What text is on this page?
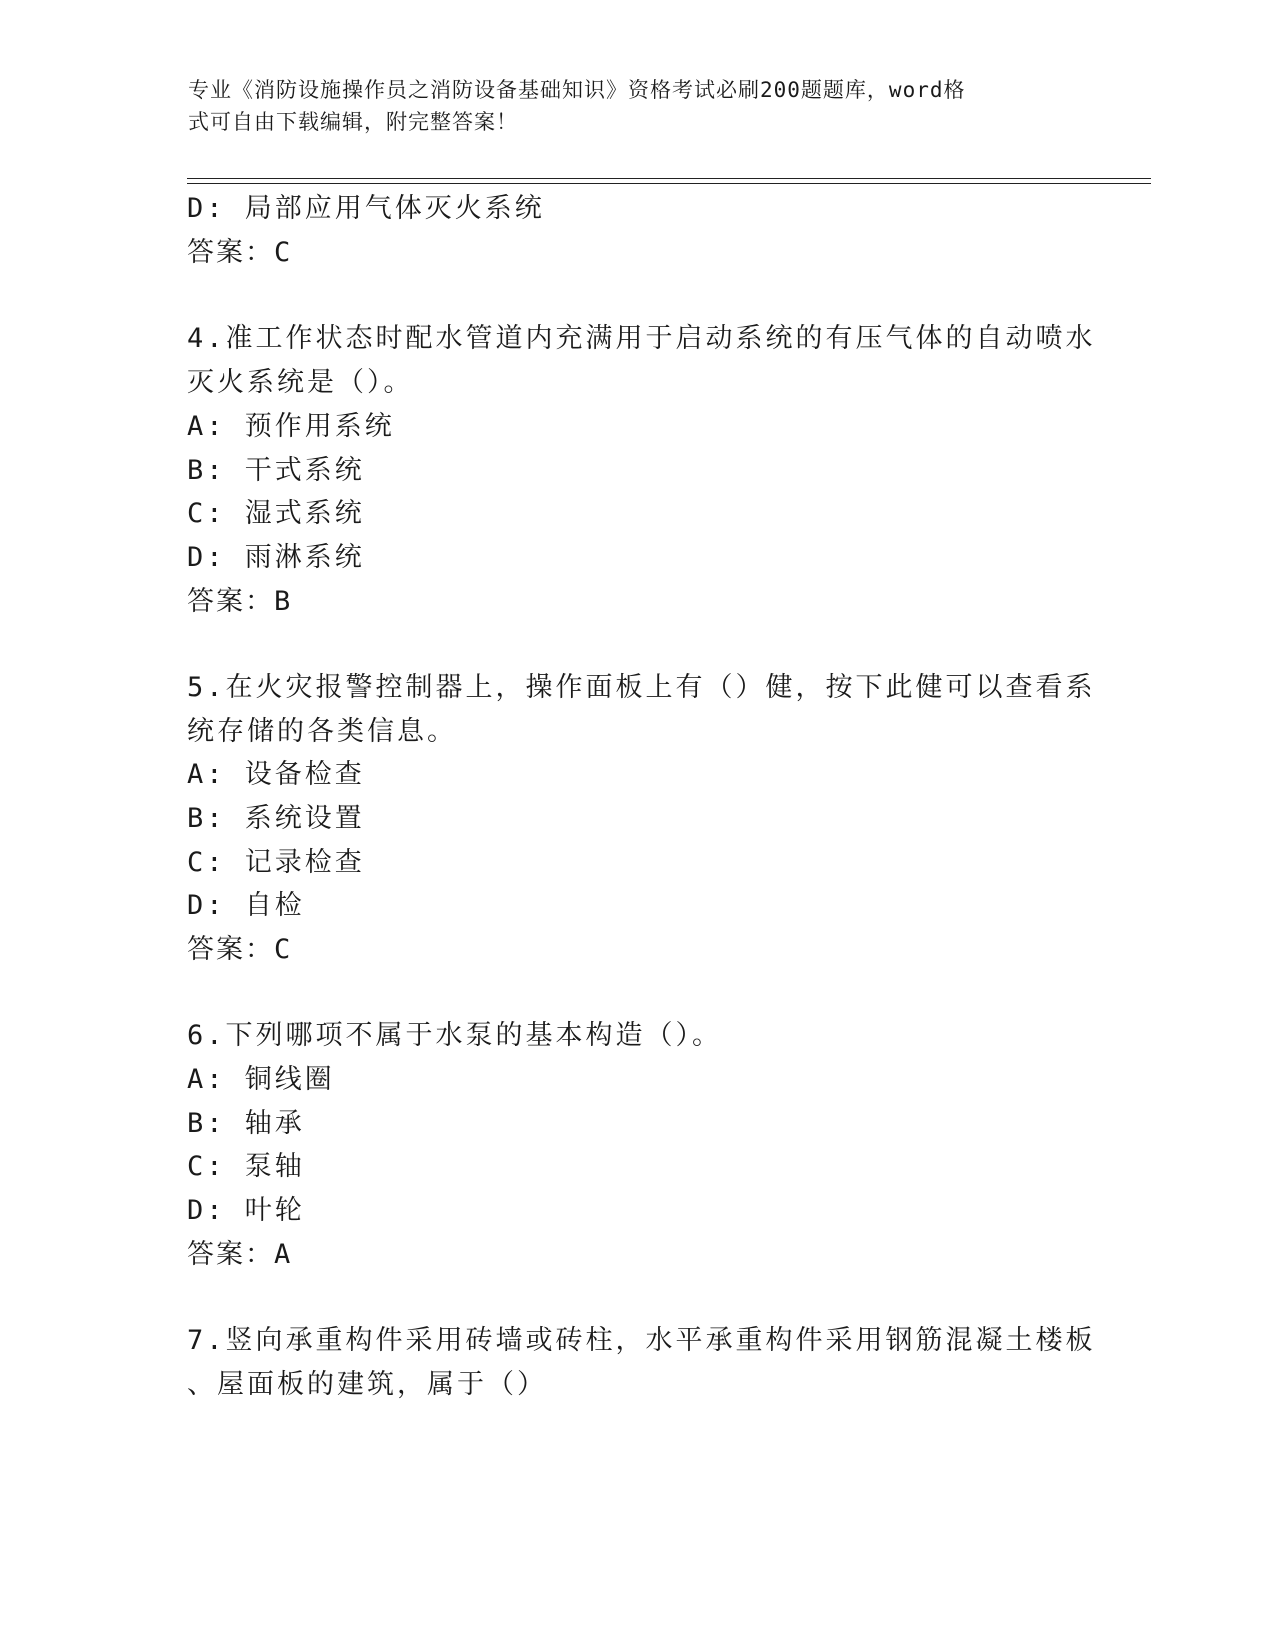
专业《消防设施操作员之消防设备基础知识》资格考试必刷200题题库，word格
式可自由下载编辑，附完整答案！
D: 局部应用气体灭火系统
答案：C
4.准工作状态时配水管道内充满用于启动系统的有压气体的自动喷水
灭火系统是（）。
A: 预作用系统
B: 干式系统
C: 湿式系统
D: 雨淋系统
答案：B
5.在火灾报警控制器上，操作面板上有（）健，按下此健可以查看系
统存储的各类信息。
A: 设备检查
B: 系统设置
C: 记录检查
D: 自检
答案：C
6.下列哪项不属于水泵的基本构造（）。
A: 铜线圈
B: 轴承
C: 泵轴
D: 叶轮
答案：A
7.竖向承重构件采用砖墙或砖柱，水平承重构件采用钢筋混凝土楼板
、屋面板的建筑，属于（）
